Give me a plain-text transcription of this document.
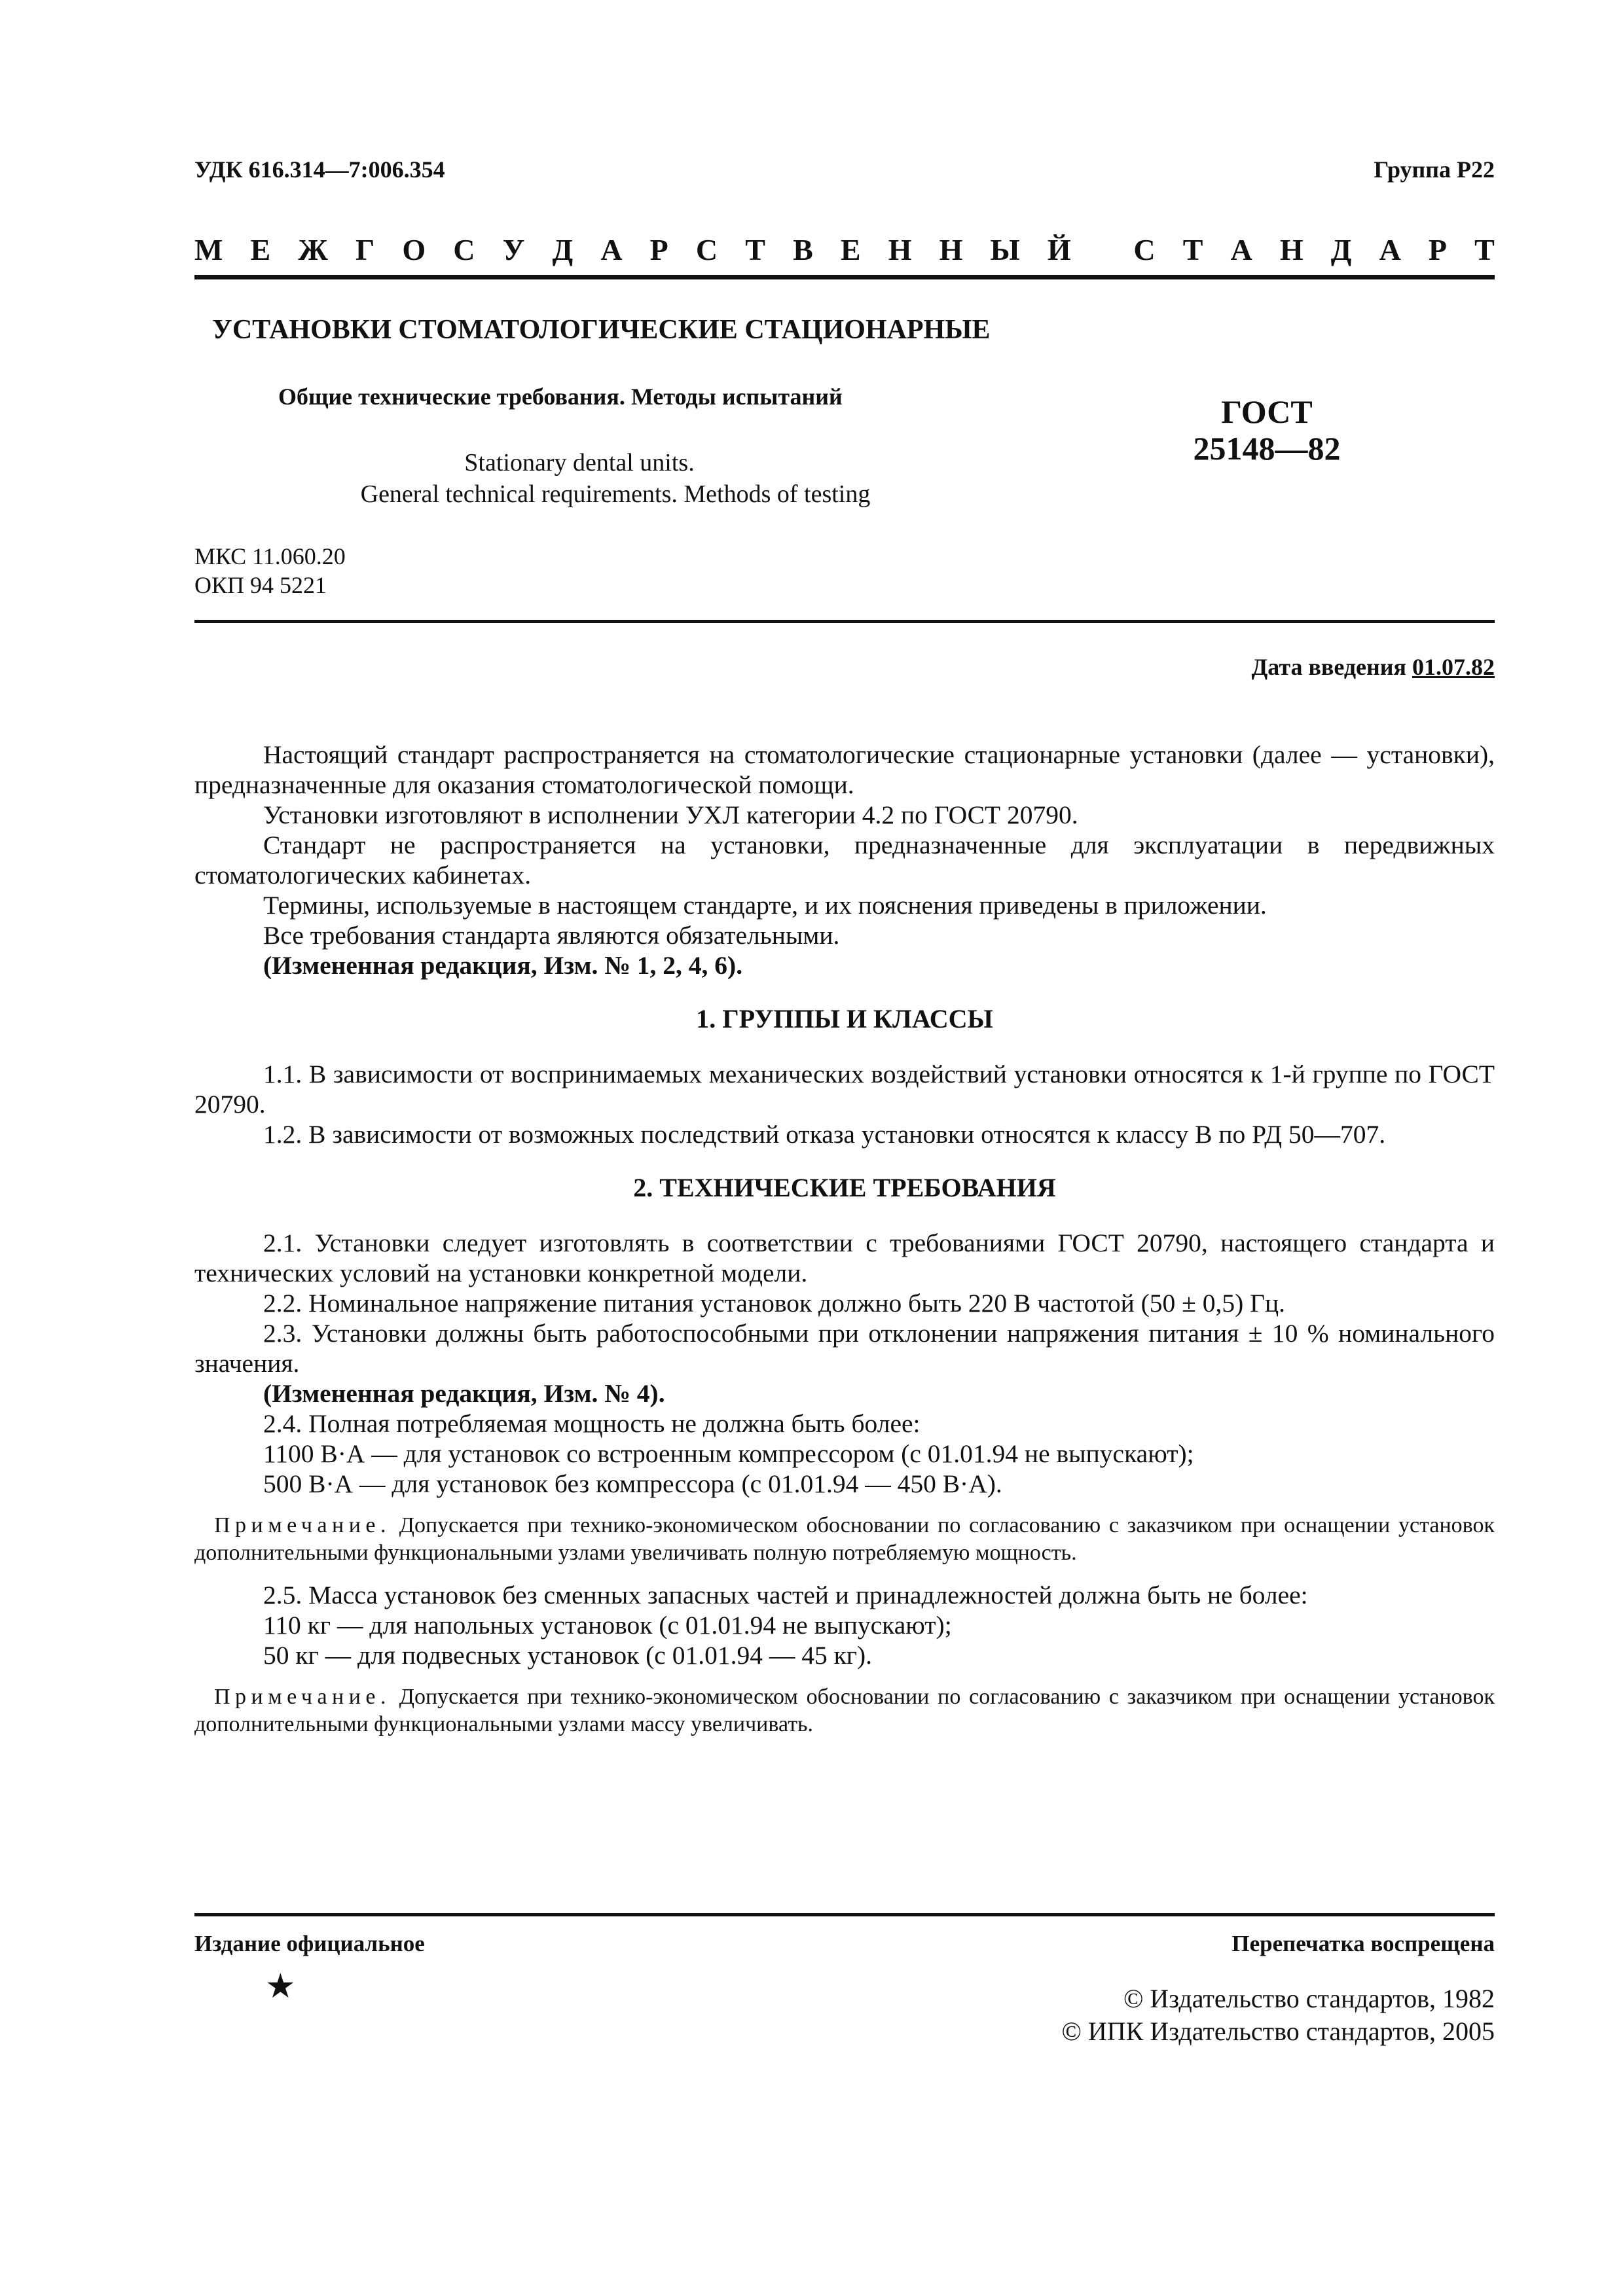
УДК 616.314—7:006.354	Группа Р22
М Е Ж Г О С У Д А Р С Т В Е Н Н Ы Й
С Т А Н Д А Р Т
УСТАНОВКИ СТОМАТОЛОГИЧЕСКИЕ СТАЦИОНАРНЫЕ
Общие технические требования. Методы испытаний
Stationary dental units.
General technical requirements. Methods of testing
ГОСТ
25148—82
МКС 11.060.20
ОКП 94 5221
Дата введения 01.07.82

Настоящий стандарт распространяется на стоматологические стационарные установки (далее — установки), предназначенные для оказания стоматологической помощи.

Установки изготовляют в исполнении УХЛ категории 4.2 по ГОСТ 20790.

Стандарт не распространяется на установки, предназначенные для эксплуатации в передвижных стоматологических кабинетах.

Термины, используемые в настоящем стандарте, и их пояснения приведены в приложении.

Все требования стандарта являются обязательными.

(Измененная редакция, Изм. № 1, 2, 4, 6).

1. ГРУППЫ И КЛАССЫ

1.1. В зависимости от воспринимаемых механических воздействий установки относятся к 1-й группе по ГОСТ 20790.

1.2. В зависимости от возможных последствий отказа установки относятся к классу В по РД 50—707.

2. ТЕХНИЧЕСКИЕ ТРЕБОВАНИЯ

2.1. Установки следует изготовлять в соответствии с требованиями ГОСТ 20790, настоящего стандарта и технических условий на установки конкретной модели.

2.2. Номинальное напряжение питания установок должно быть 220 В частотой (50 ± 0,5) Гц.

2.3. Установки должны быть работоспособными при отклонении напряжения питания ± 10 % номинального значения.

(Измененная редакция, Изм. № 4).

2.4. Полная потребляемая мощность не должна быть более:

1100 В·А — для установок со встроенным компрессором (с 01.01.94 не выпускают);

500 В·А — для установок без компрессора (с 01.01.94 — 450 В·А).

Примечание. Допускается при технико-экономическом обосновании по согласованию с заказчиком при оснащении установок дополнительными функциональными узлами увеличивать полную потребляемую мощность.

2.5. Масса установок без сменных запасных частей и принадлежностей должна быть не более:

110 кг — для напольных установок (с 01.01.94 не выпускают);

50 кг — для подвесных установок (с 01.01.94 — 45 кг).

Примечание. Допускается при технико-экономическом обосновании по согласованию с заказчиком при оснащении установок дополнительными функциональными узлами массу увеличивать.

Издание официальное	Перепечатка воспрещена
★	© Издательство стандартов, 1982
© ИПК Издательство стандартов, 2005
